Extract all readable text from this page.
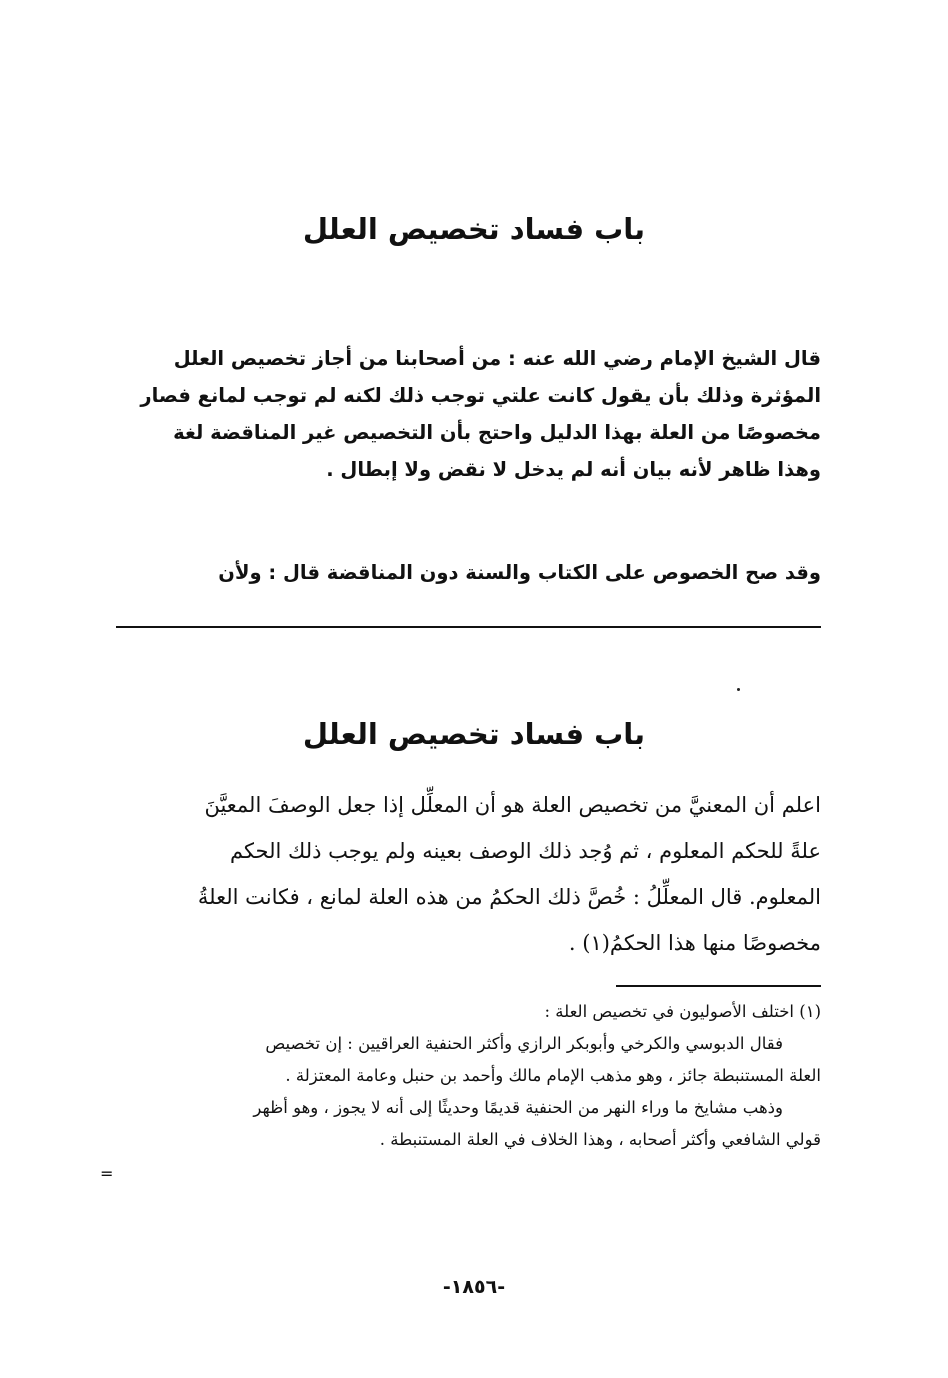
باب فساد تخصيص العلل
قال الشيخ الإمام رضي الله عنه : من أصحابنا من أجاز تخصيص العلل
المؤثرة وذلك بأن يقول كانت علتي توجب ذلك لكنه لم توجب لمانع فصار
مخصوصًا من العلة بهذا الدليل واحتج بأن التخصيص غير المناقضة لغة
وهذا ظاهر لأنه بيان أنه لم يدخل لا نقض ولا إبطال .
وقد صح الخصوص على الكتاب والسنة دون المناقضة قال : ولأن
باب فساد تخصيص العلل
اعلم أن المعنيَّ من تخصيص العلة هو أن المعلِّل إذا جعل الوصفَ المعيَّنَ
علةً للحكم المعلوم ، ثم وُجد ذلك الوصف بعينه ولم يوجب ذلك الحكم
المعلوم. قال المعلِّلُ : خُصَّ ذلك الحكمُ من هذه العلة لمانع ، فكانت العلةُ
مخصوصًا منها هذا الحكمُ(١) .
(١) اختلف الأصوليون في تخصيص العلة :
فقال الدبوسي والكرخي وأبوبكر الرازي وأكثر الحنفية العراقيين : إن تخصيص
العلة المستنبطة جائز ، وهو مذهب الإمام مالك وأحمد بن حنبل وعامة المعتزلة .
وذهب مشايخ ما وراء النهر من الحنفية قديمًا وحديثًا إلى أنه لا يجوز ، وهو أظهر
قولي الشافعي وأكثر أصحابه ، وهذا الخلاف في العلة المستنبطة .
=
-١٨٥٦-
